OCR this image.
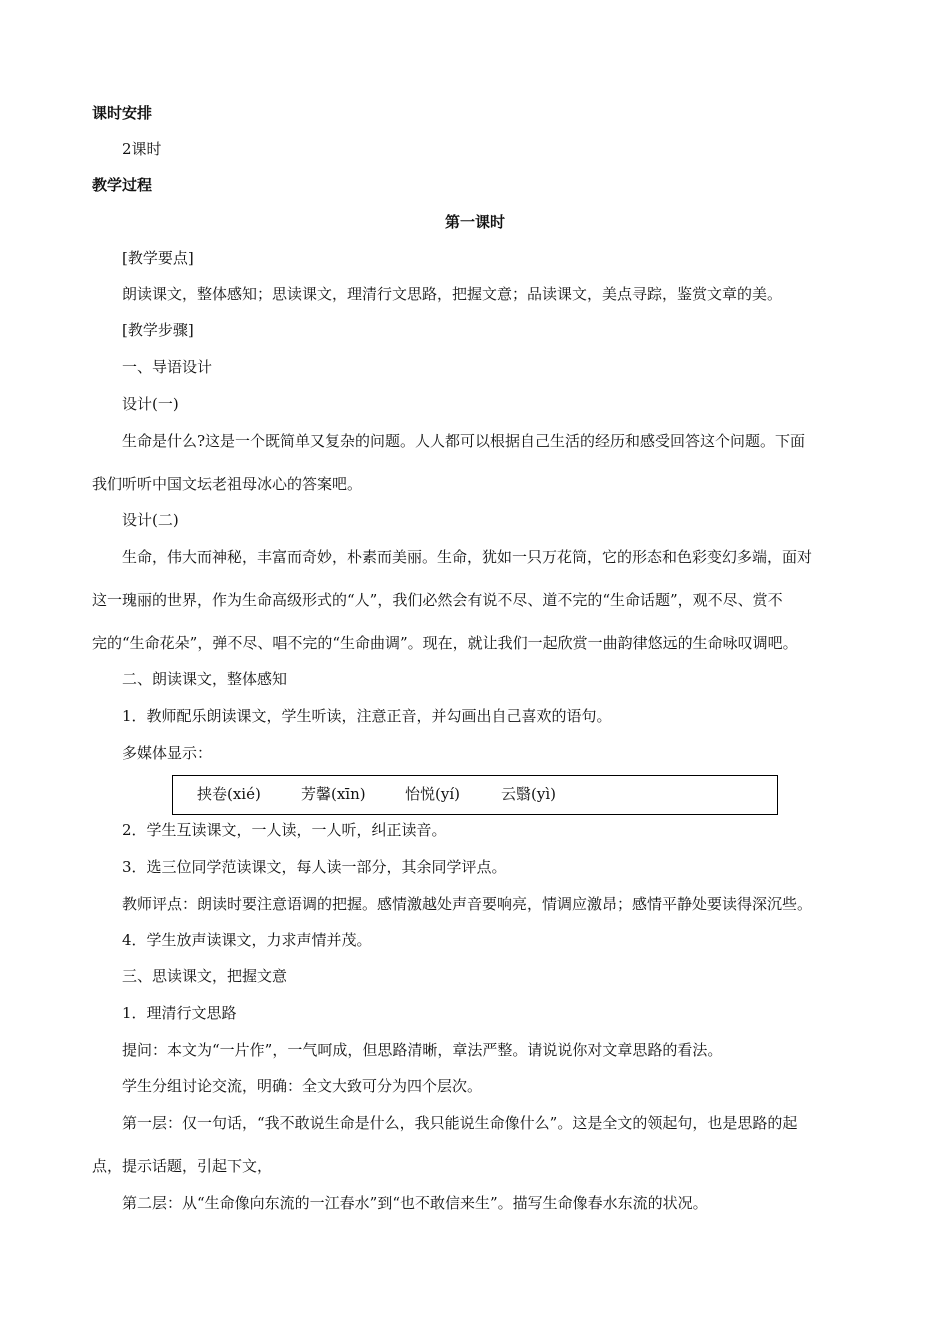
课时安排
2课时
教学过程
第一课时
[教学要点]
朗读课文，整体感知；思读课文，理清行文思路，把握文意；品读课文，美点寻踪，鉴赏文章的美。
[教学步骤]
一、导语设计
设计(一)
生命是什么?这是一个既简单又复杂的问题。人人都可以根据自己生活的经历和感受回答这个问题。下面
我们听听中国文坛老祖母冰心的答案吧。
设计(二)
生命，伟大而神秘，丰富而奇妙，朴素而美丽。生命，犹如一只万花筒，它的形态和色彩变幻多端，面对
这一瑰丽的世界，作为生命高级形式的“人”，我们必然会有说不尽、道不完的“生命话题”，观不尽、赏不
完的“生命花朵”，弹不尽、唱不完的“生命曲调”。现在，就让我们一起欣赏一曲韵律悠远的生命咏叹调吧。
二、朗读课文，整体感知
1．教师配乐朗读课文，学生听读，注意正音，并勾画出自己喜欢的语句。
多媒体显示：
挟卷(xié)	芳馨(xīn)	怡悦(yí)	云翳(yì)
2．学生互读课文，一人读，一人听，纠正读音。
3．选三位同学范读课文，每人读一部分，其余同学评点。
教师评点：朗读时要注意语调的把握。感情激越处声音要响亮，情调应激昂；感情平静处要读得深沉些。
4．学生放声读课文，力求声情并茂。
三、思读课文，把握文意
1．理清行文思路
提问：本文为“一片作”，一气呵成，但思路清晰，章法严整。请说说你对文章思路的看法。
学生分组讨论交流，明确：全文大致可分为四个层次。
第一层：仅一句话，“我不敢说生命是什么，我只能说生命像什么”。这是全文的领起句，也是思路的起
点，提示话题，引起下文，
第二层：从“生命像向东流的一江春水”到“也不敢信来生”。描写生命像春水东流的状况。
